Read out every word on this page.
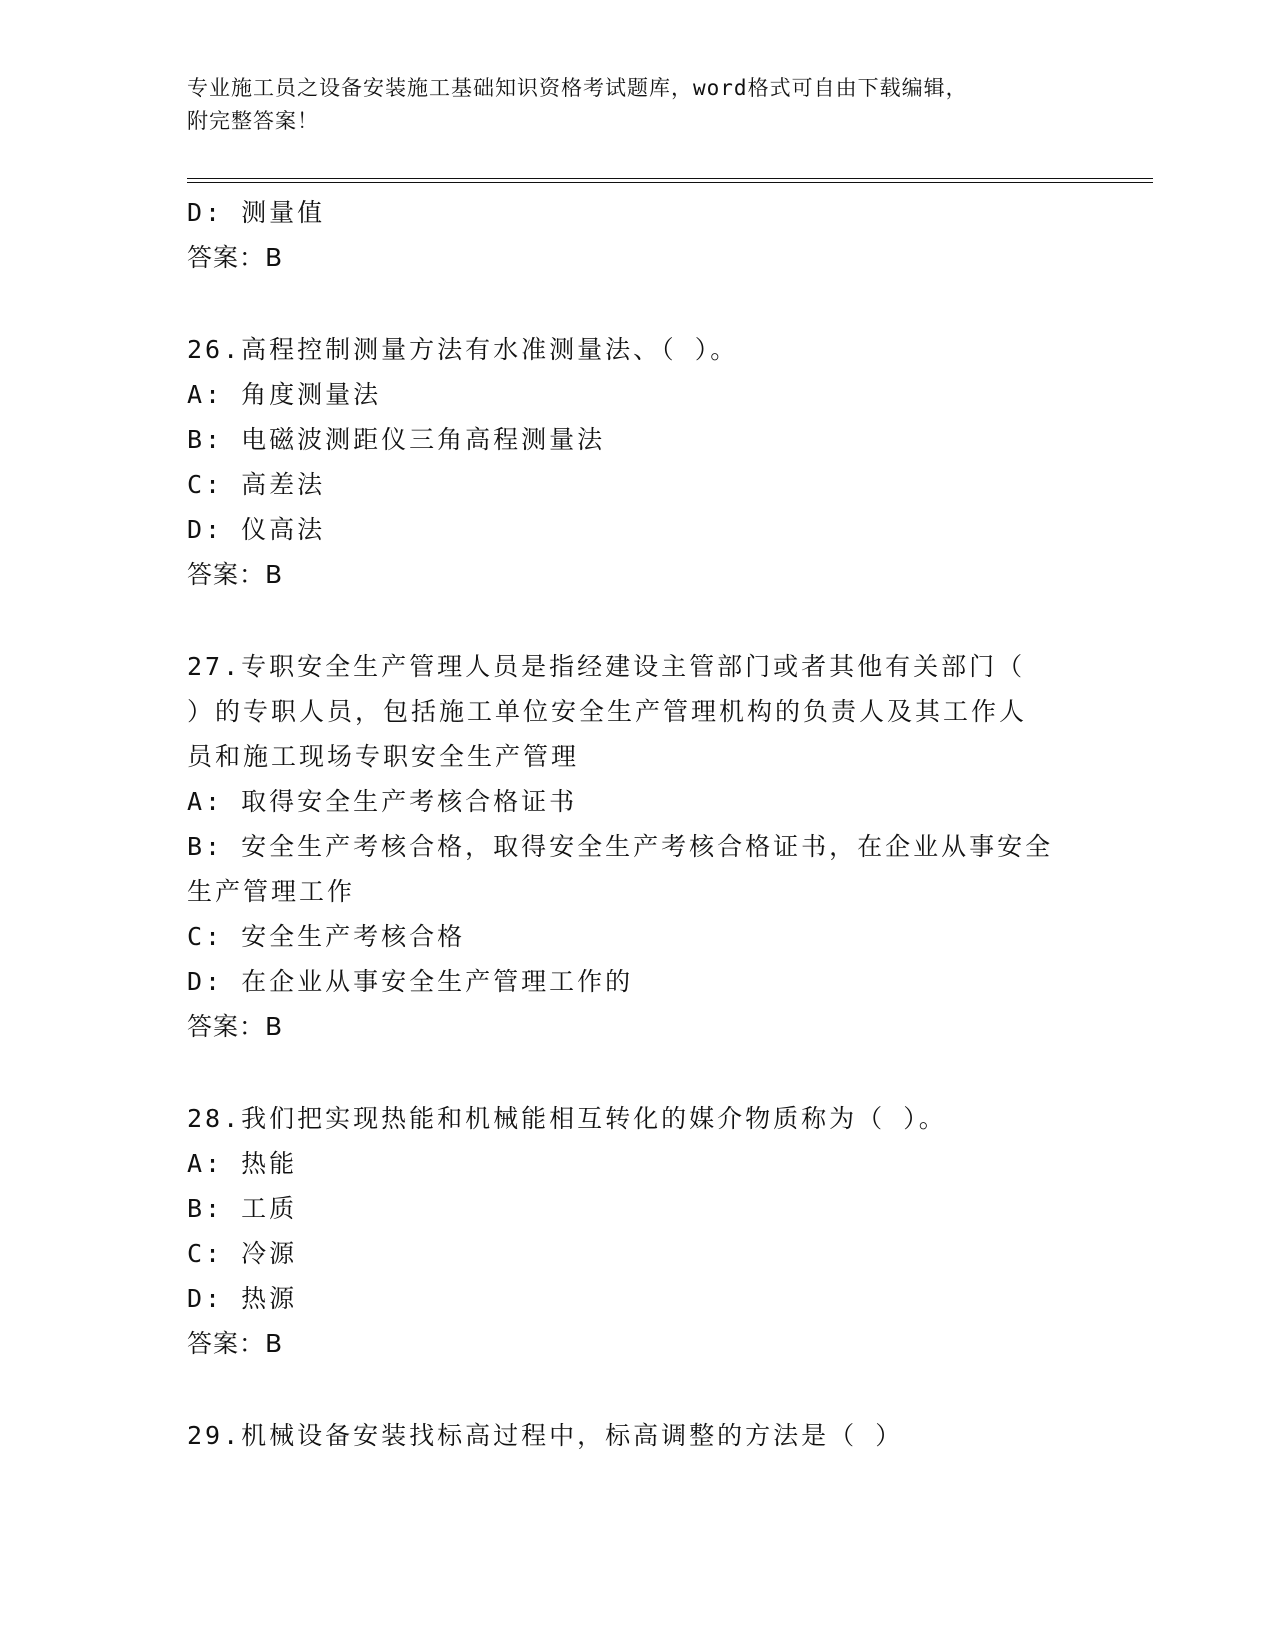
专业施工员之设备安装施工基础知识资格考试题库，word格式可自由下载编辑，
附完整答案！
D: 测量值
答案：B
26.高程控制测量方法有水准测量法、（ ）。
A: 角度测量法
B: 电磁波测距仪三角高程测量法
C: 高差法
D: 仪高法
答案：B
27.专职安全生产管理人员是指经建设主管部门或者其他有关部门（
）的专职人员，包括施工单位安全生产管理机构的负责人及其工作人
员和施工现场专职安全生产管理
A: 取得安全生产考核合格证书
B: 安全生产考核合格，取得安全生产考核合格证书，在企业从事安全
生产管理工作
C: 安全生产考核合格
D: 在企业从事安全生产管理工作的
答案：B
28.我们把实现热能和机械能相互转化的媒介物质称为（ ）。
A: 热能
B: 工质
C: 冷源
D: 热源
答案：B
29.机械设备安装找标高过程中，标高调整的方法是（ ）
